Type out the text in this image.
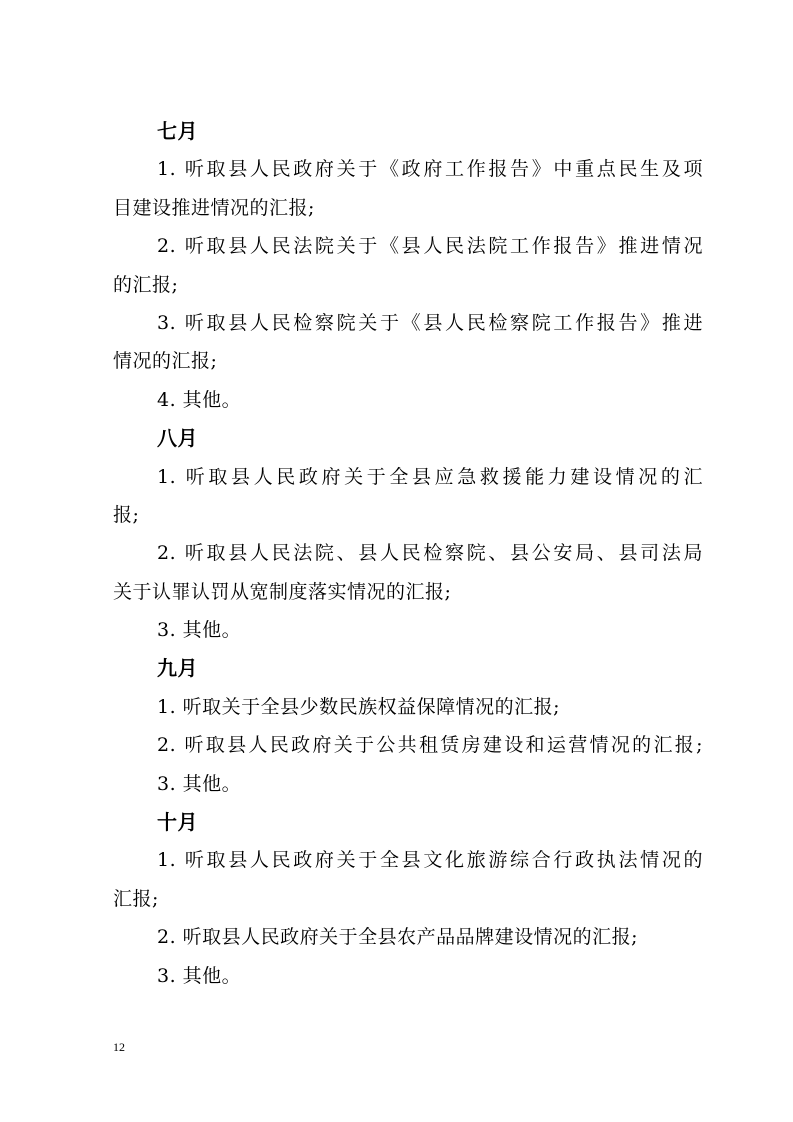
七月
1. 听取县人民政府关于《政府工作报告》中重点民生及项
目建设推进情况的汇报;
2. 听取县人民法院关于《县人民法院工作报告》推进情况
的汇报;
3. 听取县人民检察院关于《县人民检察院工作报告》推进
情况的汇报;
4. 其他。
八月
1. 听取县人民政府关于全县应急救援能力建设情况的汇
报;
2. 听取县人民法院、县人民检察院、县公安局、县司法局
关于认罪认罚从宽制度落实情况的汇报;
3. 其他。
九月
1. 听取关于全县少数民族权益保障情况的汇报;
2. 听取县人民政府关于公共租赁房建设和运营情况的汇报;
3. 其他。
十月
1. 听取县人民政府关于全县文化旅游综合行政执法情况的
汇报;
2. 听取县人民政府关于全县农产品品牌建设情况的汇报;
3. 其他。
12
